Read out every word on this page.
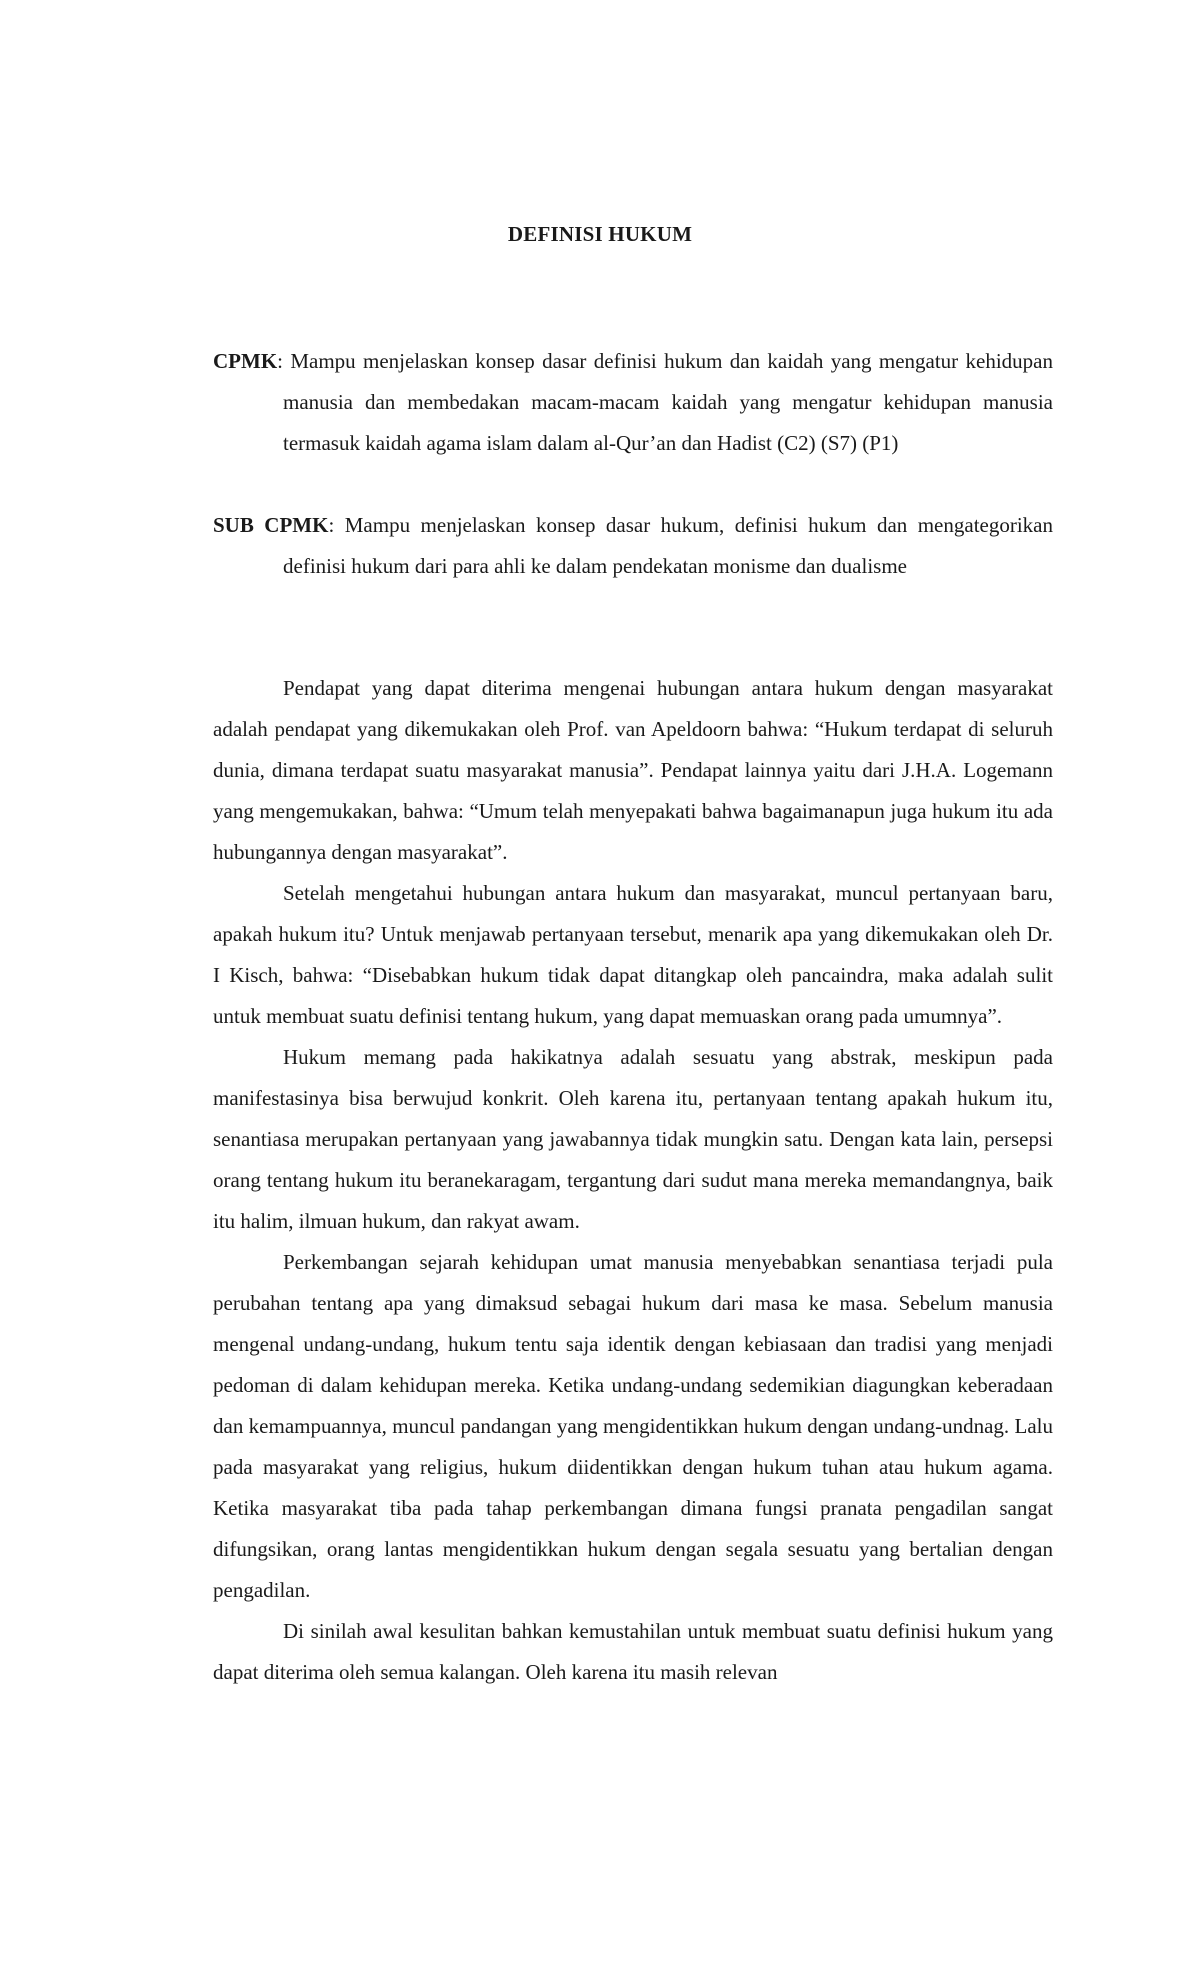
DEFINISI HUKUM

CPMK: Mampu menjelaskan konsep dasar definisi hukum dan kaidah yang mengatur kehidupan manusia dan membedakan macam-macam kaidah yang mengatur kehidupan manusia termasuk kaidah agama islam dalam al-Qur’an dan Hadist (C2) (S7) (P1)

SUB CPMK: Mampu menjelaskan konsep dasar hukum, definisi hukum dan mengategorikan definisi hukum dari para ahli ke dalam pendekatan monisme dan dualisme

Pendapat yang dapat diterima mengenai hubungan antara hukum dengan masyarakat adalah pendapat yang dikemukakan oleh Prof. van Apeldoorn bahwa: “Hukum terdapat di seluruh dunia, dimana terdapat suatu masyarakat manusia”. Pendapat lainnya yaitu dari J.H.A. Logemann yang mengemukakan, bahwa: “Umum telah menyepakati bahwa bagaimanapun juga hukum itu ada hubungannya dengan masyarakat”.

Setelah mengetahui hubungan antara hukum dan masyarakat, muncul pertanyaan baru, apakah hukum itu? Untuk menjawab pertanyaan tersebut, menarik apa yang dikemukakan oleh Dr. I Kisch, bahwa: “Disebabkan hukum tidak dapat ditangkap oleh pancaindra, maka adalah sulit untuk membuat suatu definisi tentang hukum, yang dapat memuaskan orang pada umumnya”.

Hukum memang pada hakikatnya adalah sesuatu yang abstrak, meskipun pada manifestasinya bisa berwujud konkrit. Oleh karena itu, pertanyaan tentang apakah hukum itu, senantiasa merupakan pertanyaan yang jawabannya tidak mungkin satu. Dengan kata lain, persepsi orang tentang hukum itu beranekaragam, tergantung dari sudut mana mereka memandangnya, baik itu halim, ilmuan hukum, dan rakyat awam.

Perkembangan sejarah kehidupan umat manusia menyebabkan senantiasa terjadi pula perubahan tentang apa yang dimaksud sebagai hukum dari masa ke masa. Sebelum manusia mengenal undang-undang, hukum tentu saja identik dengan kebiasaan dan tradisi yang menjadi pedoman di dalam kehidupan mereka. Ketika undang-undang sedemikian diagungkan keberadaan dan kemampuannya, muncul pandangan yang mengidentikkan hukum dengan undang-undnag. Lalu pada masyarakat yang religius, hukum diidentikkan dengan hukum tuhan atau hukum agama. Ketika masyarakat tiba pada tahap perkembangan dimana fungsi pranata pengadilan sangat difungsikan, orang lantas mengidentikkan hukum dengan segala sesuatu yang bertalian dengan pengadilan.

Di sinilah awal kesulitan bahkan kemustahilan untuk membuat suatu definisi hukum yang dapat diterima oleh semua kalangan. Oleh karena itu masih relevan
